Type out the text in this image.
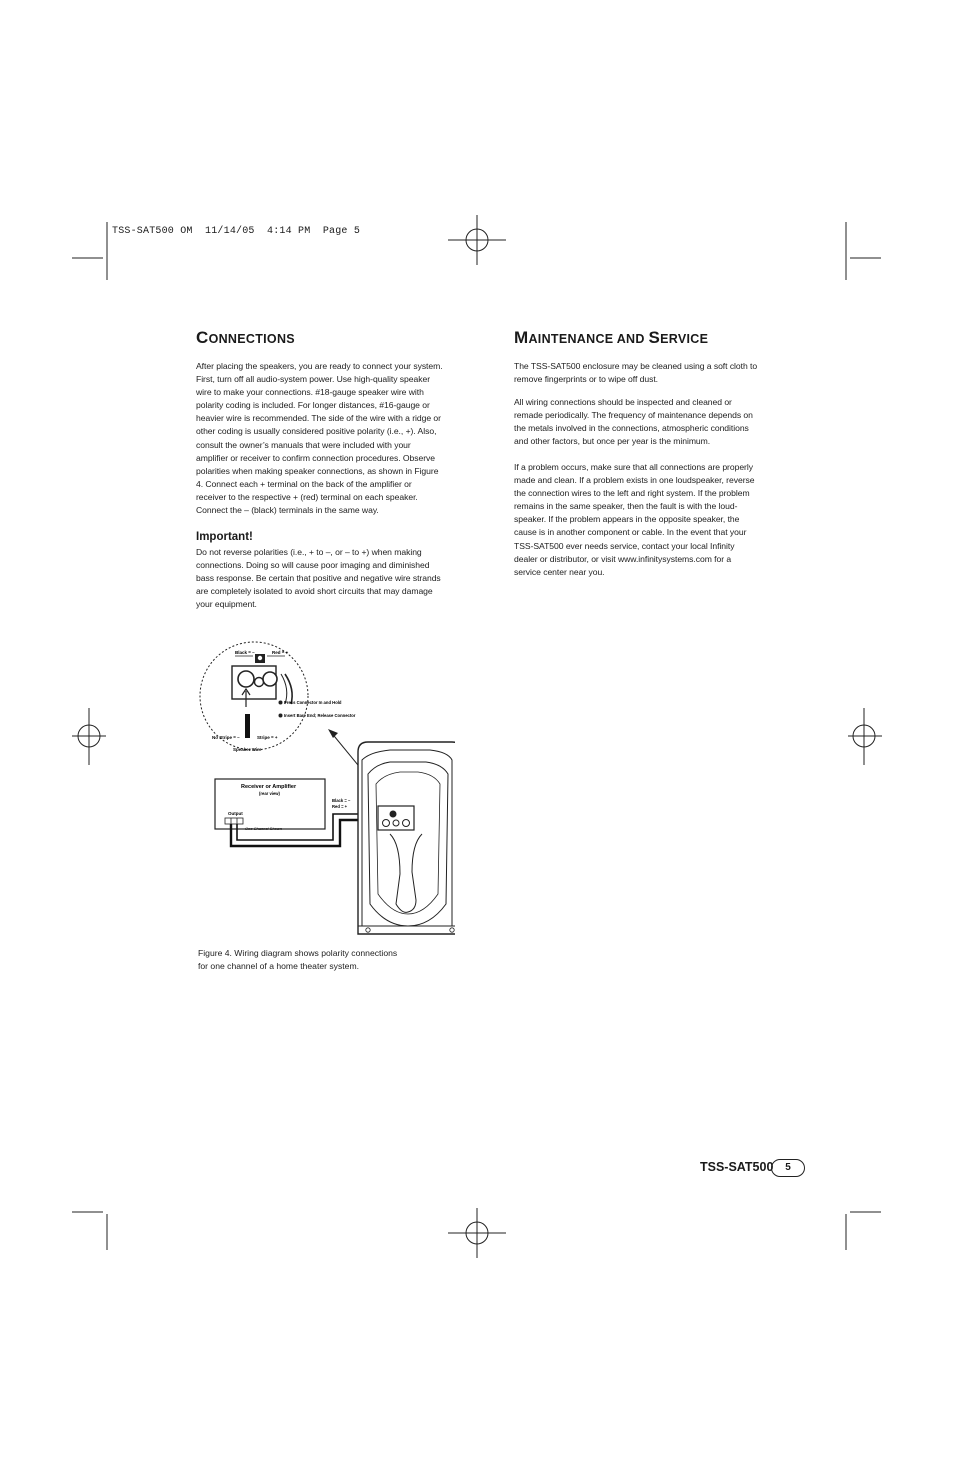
TSS-SAT500 OM  11/14/05  4:14 PM  Page 5
CONNECTIONS

After placing the speakers, you are ready to connect your system. First, turn off all audio-system power. Use high-quality speaker wire to make your connections. #18-gauge speaker wire with polarity coding is included. For longer distances, #16-gauge or heavier wire is recommended. The side of the wire with a ridge or other coding is usually considered positive polarity (i.e., +). Also, consult the owner’s manuals that were included with your amplifier or receiver to confirm connection procedures. Observe polarities when making speaker connections, as shown in Figure 4. Connect each + terminal on the back of the amplifier or receiver to the respective + (red) terminal on each speaker. Connect the – (black) terminals in the same way.

Important!

Do not reverse polarities (i.e., + to –, or – to +) when making connections. Doing so will cause poor imaging and diminished bass response. Be certain that positive and negative wire strands are completely isolated to avoid short circuits that may damage your equipment.

MAINTENANCE AND SERVICE

The TSS-SAT500 enclosure may be cleaned using a soft cloth to remove fingerprints or to wipe off dust.

All wiring connections should be inspected and cleaned or remade periodically. The frequency of maintenance depends on the metals involved in the connections, atmospheric conditions and other factors, but once per year is the minimum.

If a problem occurs, make sure that all connections are properly made and clean. If a problem exists in one loudspeaker, reverse the connection wires to the left and right system. If the problem remains in the same speaker, then the fault is with the loud-speaker. If the problem appears in the opposite speaker, the cause is in another component or cable. In the event that your TSS-SAT500 ever needs service, contact your local Infinity dealer or distributor, or visit www.infinitysystems.com for a service center near you.

Black = –	Red = +
Press Connector In and Hold
Insert Bare End; Release Connector
No Stripe = –	Stripe = +
Speaker Wire
Receiver or Amplifier
(rear view)
Output
One Channel Shown
Black = –
Red = +

Figure 4. Wiring diagram shows polarity connections
for one channel of a home theater system.

TSS-SAT500	5
